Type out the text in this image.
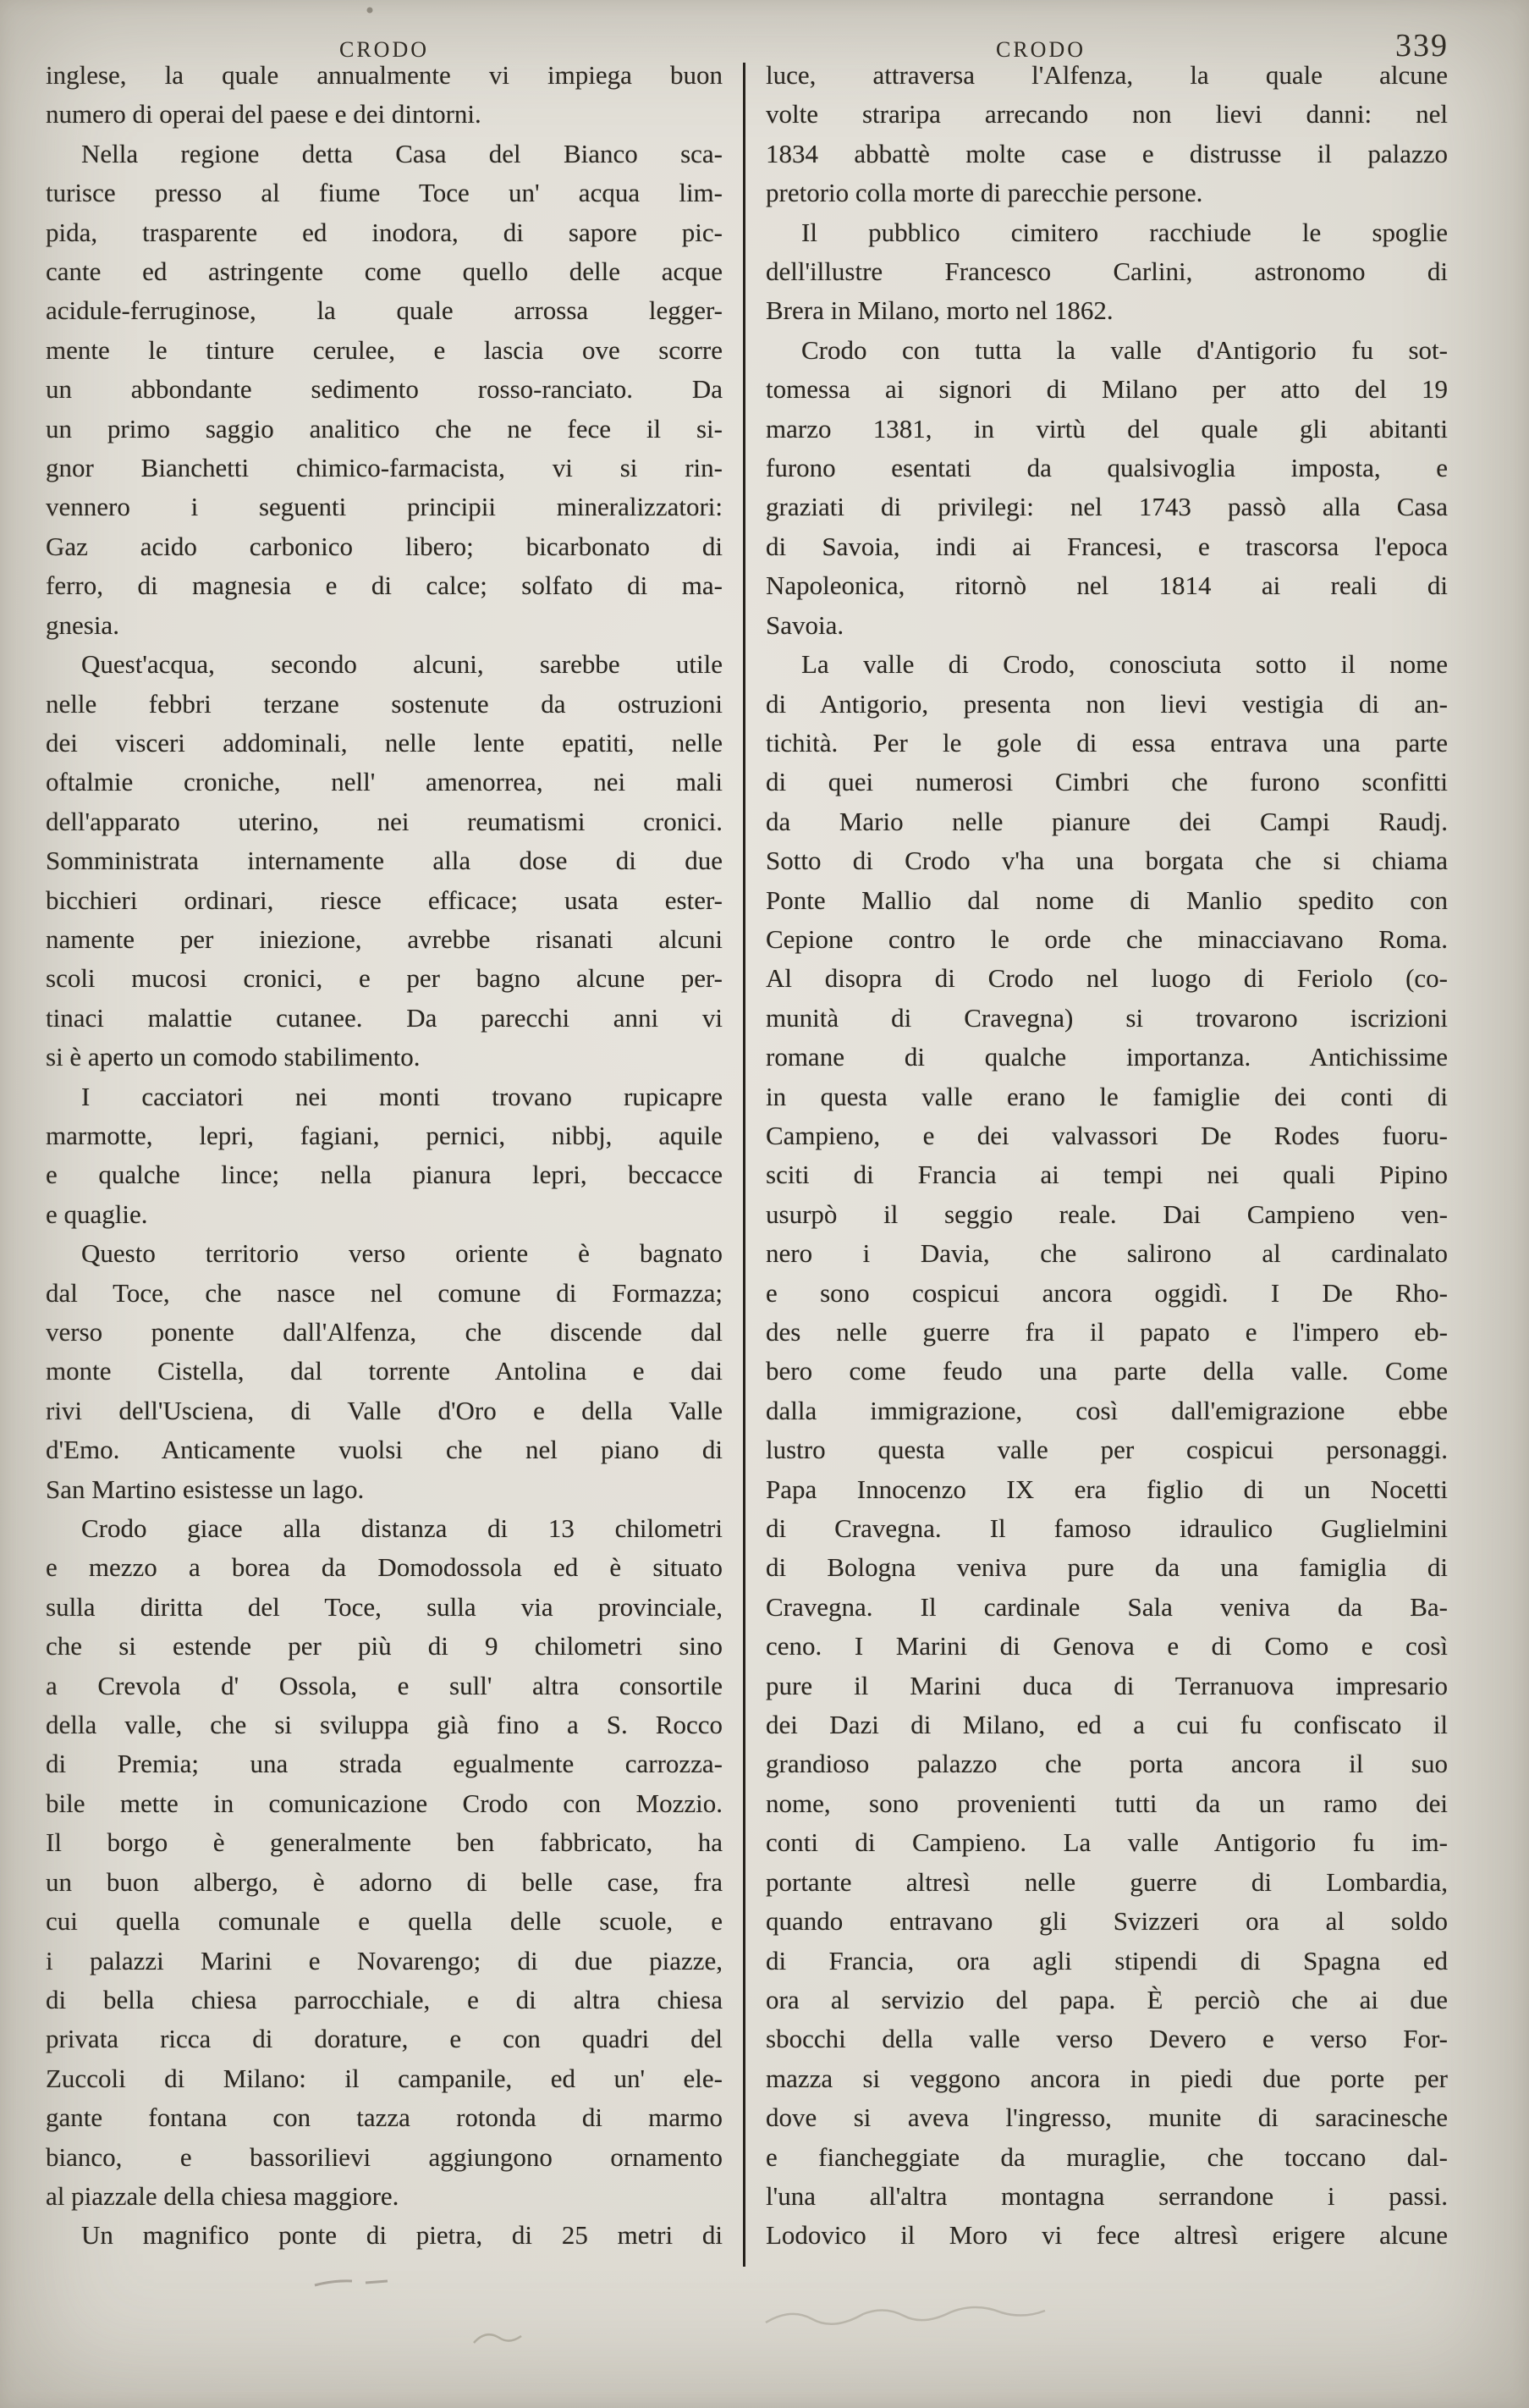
CRODO	CRODO	339
inglese, la quale annualmente vi impiega buon
numero di operai del paese e dei dintorni.
Nella regione detta Casa del Bianco sca-
turisce presso al fiume Toce un' acqua lim-
pida, trasparente ed inodora, di sapore pic-
cante ed astringente come quello delle acque
acidule-ferruginose, la quale arrossa legger-
mente le tinture cerulee, e lascia ove scorre
un abbondante sedimento rosso-ranciato. Da
un primo saggio analitico che ne fece il si-
gnor Bianchetti chimico-farmacista, vi si rin-
vennero i seguenti principii mineralizzatori:
Gaz acido carbonico libero; bicarbonato di
ferro, di magnesia e di calce; solfato di ma-
gnesia.
Quest'acqua, secondo alcuni, sarebbe utile
nelle febbri terzane sostenute da ostruzioni
dei visceri addominali, nelle lente epatiti, nelle
oftalmie croniche, nell' amenorrea, nei mali
dell'apparato uterino, nei reumatismi cronici.
Somministrata internamente alla dose di due
bicchieri ordinari, riesce efficace; usata ester-
namente per iniezione, avrebbe risanati alcuni
scoli mucosi cronici, e per bagno alcune per-
tinaci malattie cutanee. Da parecchi anni vi
si è aperto un comodo stabilimento.
I cacciatori nei monti trovano rupicapre
marmotte, lepri, fagiani, pernici, nibbj, aquile
e qualche lince; nella pianura lepri, beccacce
e quaglie.
Questo territorio verso oriente è bagnato
dal Toce, che nasce nel comune di Formazza;
verso ponente dall'Alfenza, che discende dal
monte Cistella, dal torrente Antolina e dai
rivi dell'Usciena, di Valle d'Oro e della Valle
d'Emo. Anticamente vuolsi che nel piano di
San Martino esistesse un lago.
Crodo giace alla distanza di 13 chilometri
e mezzo a borea da Domodossola ed è situato
sulla diritta del Toce, sulla via provinciale,
che si estende per più di 9 chilometri sino
a Crevola d' Ossola, e sull' altra consortile
della valle, che si sviluppa già fino a S. Rocco
di Premia; una strada egualmente carrozza-
bile mette in comunicazione Crodo con Mozzio.
Il borgo è generalmente ben fabbricato, ha
un buon albergo, è adorno di belle case, fra
cui quella comunale e quella delle scuole, e
i palazzi Marini e Novarengo; di due piazze,
di bella chiesa parrocchiale, e di altra chiesa
privata ricca di dorature, e con quadri del
Zuccoli di Milano: il campanile, ed un' ele-
gante fontana con tazza rotonda di marmo
bianco, e bassorilievi aggiungono ornamento
al piazzale della chiesa maggiore.
Un magnifico ponte di pietra, di 25 metri di
luce, attraversa l'Alfenza, la quale alcune
volte straripa arrecando non lievi danni: nel
1834 abbattè molte case e distrusse il palazzo
pretorio colla morte di parecchie persone.
Il pubblico cimitero racchiude le spoglie
dell'illustre Francesco Carlini, astronomo di
Brera in Milano, morto nel 1862.
Crodo con tutta la valle d'Antigorio fu sot-
tomessa ai signori di Milano per atto del 19
marzo 1381, in virtù del quale gli abitanti
furono esentati da qualsivoglia imposta, e
graziati di privilegi: nel 1743 passò alla Casa
di Savoia, indi ai Francesi, e trascorsa l'epoca
Napoleonica, ritornò nel 1814 ai reali di
Savoia.
La valle di Crodo, conosciuta sotto il nome
di Antigorio, presenta non lievi vestigia di an-
tichità. Per le gole di essa entrava una parte
di quei numerosi Cimbri che furono sconfitti
da Mario nelle pianure dei Campi Raudj.
Sotto di Crodo v'ha una borgata che si chiama
Ponte Mallio dal nome di Manlio spedito con
Cepione contro le orde che minacciavano Roma.
Al disopra di Crodo nel luogo di Feriolo (co-
munità di Cravegna) si trovarono iscrizioni
romane di qualche importanza. Antichissime
in questa valle erano le famiglie dei conti di
Campieno, e dei valvassori De Rodes fuoru-
sciti di Francia ai tempi nei quali Pipino
usurpò il seggio reale. Dai Campieno ven-
nero i Davia, che salirono al cardinalato
e sono cospicui ancora oggidì. I De Rho-
des nelle guerre fra il papato e l'impero eb-
bero come feudo una parte della valle. Come
dalla immigrazione, così dall'emigrazione ebbe
lustro questa valle per cospicui personaggi.
Papa Innocenzo IX era figlio di un Nocetti
di Cravegna. Il famoso idraulico Guglielmini
di Bologna veniva pure da una famiglia di
Cravegna. Il cardinale Sala veniva da Ba-
ceno. I Marini di Genova e di Como e così
pure il Marini duca di Terranuova impresario
dei Dazi di Milano, ed a cui fu confiscato il
grandioso palazzo che porta ancora il suo
nome, sono provenienti tutti da un ramo dei
conti di Campieno. La valle Antigorio fu im-
portante altresì nelle guerre di Lombardia,
quando entravano gli Svizzeri ora al soldo
di Francia, ora agli stipendi di Spagna ed
ora al servizio del papa. È perciò che ai due
sbocchi della valle verso Devero e verso For-
mazza si veggono ancora in piedi due porte per
dove si aveva l'ingresso, munite di saracinesche
e fiancheggiate da muraglie, che toccano dal-
l'una all'altra montagna serrandone i passi.
Lodovico il Moro vi fece altresì erigere alcune
